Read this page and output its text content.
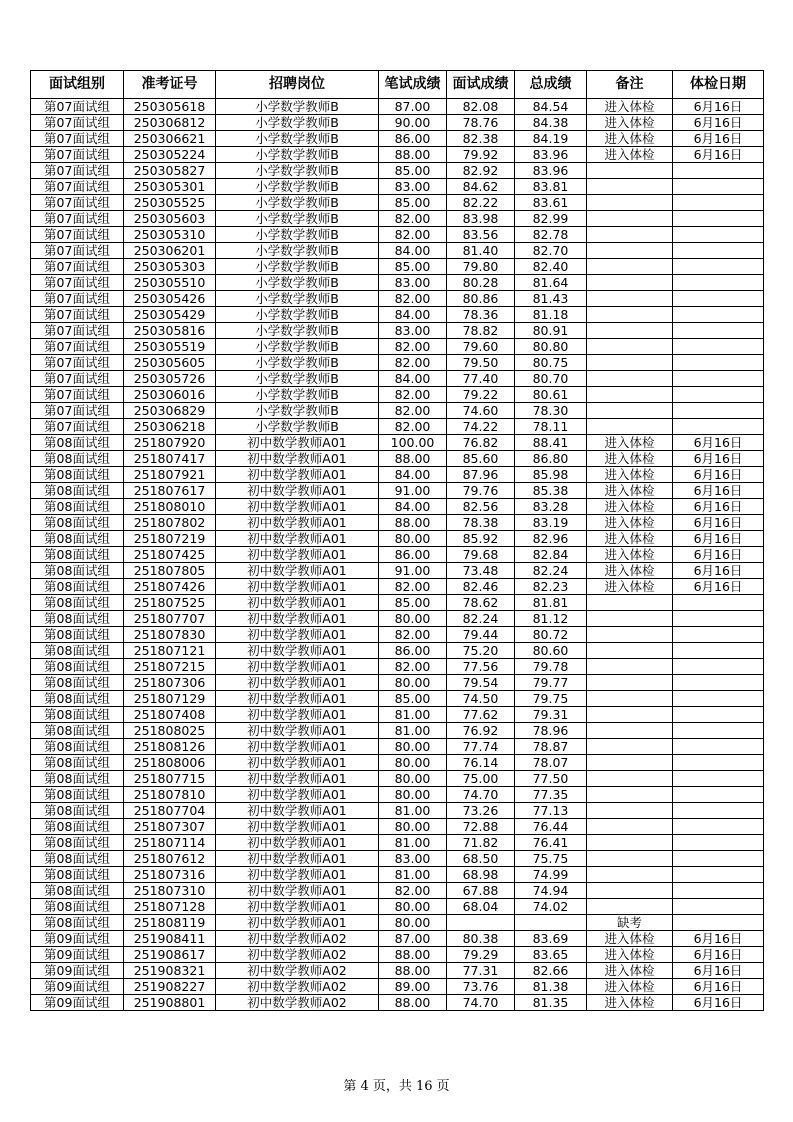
面试组别	准考证号	招聘岗位	笔试成绩	面试成绩	总成绩	备注	体检日期
第07面试组	250305618	小学数学教师B	87.00	82.08	84.54	进入体检	6月16日
第07面试组	250306812	小学数学教师B	90.00	78.76	84.38	进入体检	6月16日
第07面试组	250306621	小学数学教师B	86.00	82.38	84.19	进入体检	6月16日
第07面试组	250305224	小学数学教师B	88.00	79.92	83.96	进入体检	6月16日
第07面试组	250305827	小学数学教师B	85.00	82.92	83.96		
第07面试组	250305301	小学数学教师B	83.00	84.62	83.81		
第07面试组	250305525	小学数学教师B	85.00	82.22	83.61		
第07面试组	250305603	小学数学教师B	82.00	83.98	82.99		
第07面试组	250305310	小学数学教师B	82.00	83.56	82.78		
第07面试组	250306201	小学数学教师B	84.00	81.40	82.70		
第07面试组	250305303	小学数学教师B	85.00	79.80	82.40		
第07面试组	250305510	小学数学教师B	83.00	80.28	81.64		
第07面试组	250305426	小学数学教师B	82.00	80.86	81.43		
第07面试组	250305429	小学数学教师B	84.00	78.36	81.18		
第07面试组	250305816	小学数学教师B	83.00	78.82	80.91		
第07面试组	250305519	小学数学教师B	82.00	79.60	80.80		
第07面试组	250305605	小学数学教师B	82.00	79.50	80.75		
第07面试组	250305726	小学数学教师B	84.00	77.40	80.70		
第07面试组	250306016	小学数学教师B	82.00	79.22	80.61		
第07面试组	250306829	小学数学教师B	82.00	74.60	78.30		
第07面试组	250306218	小学数学教师B	82.00	74.22	78.11		
第08面试组	251807920	初中数学教师A01	100.00	76.82	88.41	进入体检	6月16日
第08面试组	251807417	初中数学教师A01	88.00	85.60	86.80	进入体检	6月16日
第08面试组	251807921	初中数学教师A01	84.00	87.96	85.98	进入体检	6月16日
第08面试组	251807617	初中数学教师A01	91.00	79.76	85.38	进入体检	6月16日
第08面试组	251808010	初中数学教师A01	84.00	82.56	83.28	进入体检	6月16日
第08面试组	251807802	初中数学教师A01	88.00	78.38	83.19	进入体检	6月16日
第08面试组	251807219	初中数学教师A01	80.00	85.92	82.96	进入体检	6月16日
第08面试组	251807425	初中数学教师A01	86.00	79.68	82.84	进入体检	6月16日
第08面试组	251807805	初中数学教师A01	91.00	73.48	82.24	进入体检	6月16日
第08面试组	251807426	初中数学教师A01	82.00	82.46	82.23	进入体检	6月16日
第08面试组	251807525	初中数学教师A01	85.00	78.62	81.81		
第08面试组	251807707	初中数学教师A01	80.00	82.24	81.12		
第08面试组	251807830	初中数学教师A01	82.00	79.44	80.72		
第08面试组	251807121	初中数学教师A01	86.00	75.20	80.60		
第08面试组	251807215	初中数学教师A01	82.00	77.56	79.78		
第08面试组	251807306	初中数学教师A01	80.00	79.54	79.77		
第08面试组	251807129	初中数学教师A01	85.00	74.50	79.75		
第08面试组	251807408	初中数学教师A01	81.00	77.62	79.31		
第08面试组	251808025	初中数学教师A01	81.00	76.92	78.96		
第08面试组	251808126	初中数学教师A01	80.00	77.74	78.87		
第08面试组	251808006	初中数学教师A01	80.00	76.14	78.07		
第08面试组	251807715	初中数学教师A01	80.00	75.00	77.50		
第08面试组	251807810	初中数学教师A01	80.00	74.70	77.35		
第08面试组	251807704	初中数学教师A01	81.00	73.26	77.13		
第08面试组	251807307	初中数学教师A01	80.00	72.88	76.44		
第08面试组	251807114	初中数学教师A01	81.00	71.82	76.41		
第08面试组	251807612	初中数学教师A01	83.00	68.50	75.75		
第08面试组	251807316	初中数学教师A01	81.00	68.98	74.99		
第08面试组	251807310	初中数学教师A01	82.00	67.88	74.94		
第08面试组	251807128	初中数学教师A01	80.00	68.04	74.02		
第08面试组	251808119	初中数学教师A01	80.00			缺考	
第09面试组	251908411	初中数学教师A02	87.00	80.38	83.69	进入体检	6月16日
第09面试组	251908617	初中数学教师A02	88.00	79.29	83.65	进入体检	6月16日
第09面试组	251908321	初中数学教师A02	88.00	77.31	82.66	进入体检	6月16日
第09面试组	251908227	初中数学教师A02	89.00	73.76	81.38	进入体检	6月16日
第09面试组	251908801	初中数学教师A02	88.00	74.70	81.35	进入体检	6月16日
第 4 页，共 16 页
